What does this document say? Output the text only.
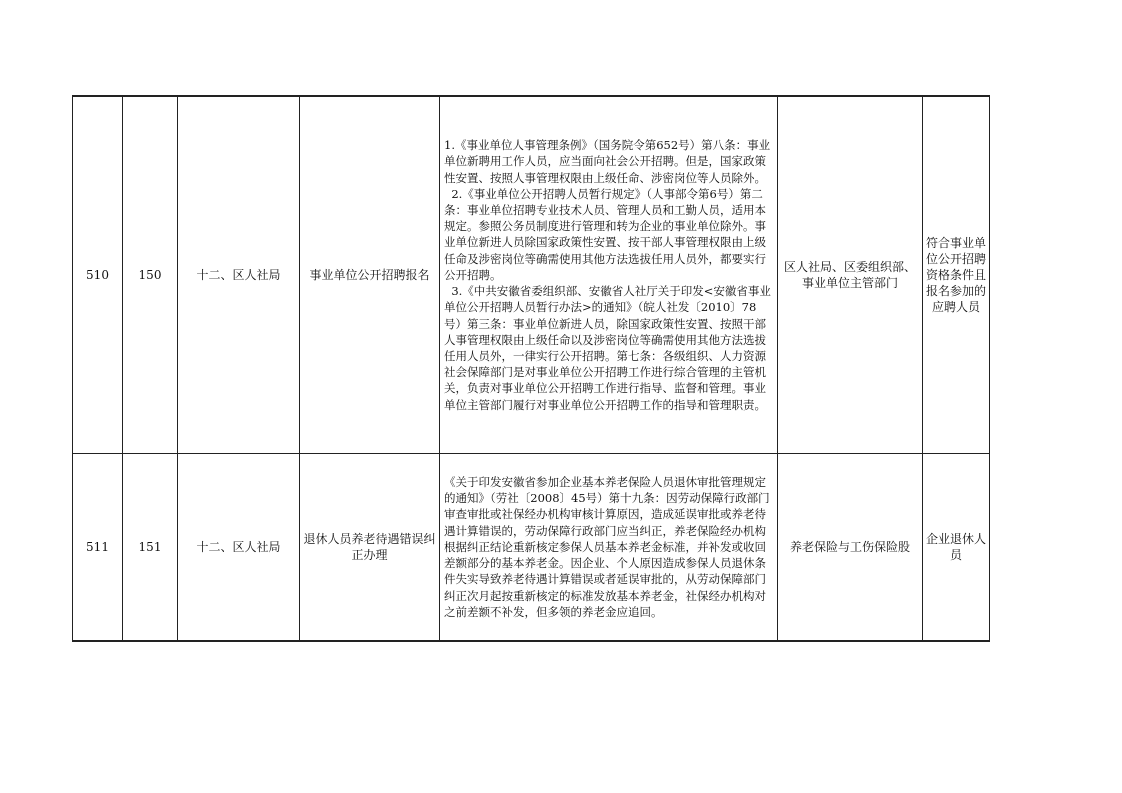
510	150	十二、区人社局	事业单位公开招聘报名	1.《事业单位人事管理条例》（国务院令第652号）第八条：事业单位新聘用工作人员，应当面向社会公开招聘。但是，国家政策性安置、按照人事管理权限由上级任命、涉密岗位等人员除外。

2.《事业单位公开招聘人员暂行规定》（人事部令第6号）第二条：事业单位招聘专业技术人员、管理人员和工勤人员，适用本规定。参照公务员制度进行管理和转为企业的事业单位除外。事业单位新进人员除国家政策性安置、按干部人事管理权限由上级任命及涉密岗位等确需使用其他方法选拔任用人员外，都要实行公开招聘。

3.《中共安徽省委组织部、安徽省人社厅关于印发<安徽省事业单位公开招聘人员暂行办法>的通知》（皖人社发〔2010〕78号）第三条：事业单位新进人员，除国家政策性安置、按照干部人事管理权限由上级任命以及涉密岗位等确需使用其他方法选拔任用人员外，一律实行公开招聘。第七条：各级组织、人力资源社会保障部门是对事业单位公开招聘工作进行综合管理的主管机关，负责对事业单位公开招聘工作进行指导、监督和管理。事业单位主管部门履行对事业单位公开招聘工作的指导和管理职责。	区人社局、区委组织部、事业单位主管部门	符合事业单位公开招聘资格条件且报名参加的应聘人员

511	151	十二、区人社局	退休人员养老待遇错误纠正办理	《关于印发安徽省参加企业基本养老保险人员退休审批管理规定的通知》（劳社〔2008〕45号）第十九条：因劳动保障行政部门审查审批或社保经办机构审核计算原因，造成延误审批或养老待遇计算错误的，劳动保障行政部门应当纠正，养老保险经办机构根据纠正结论重新核定参保人员基本养老金标准，并补发或收回差额部分的基本养老金。因企业、个人原因造成参保人员退休条件失实导致养老待遇计算错误或者延误审批的，从劳动保障部门纠正次月起按重新核定的标准发放基本养老金，社保经办机构对之前差额不补发，但多领的养老金应追回。	养老保险与工伤保险股	企业退休人员
